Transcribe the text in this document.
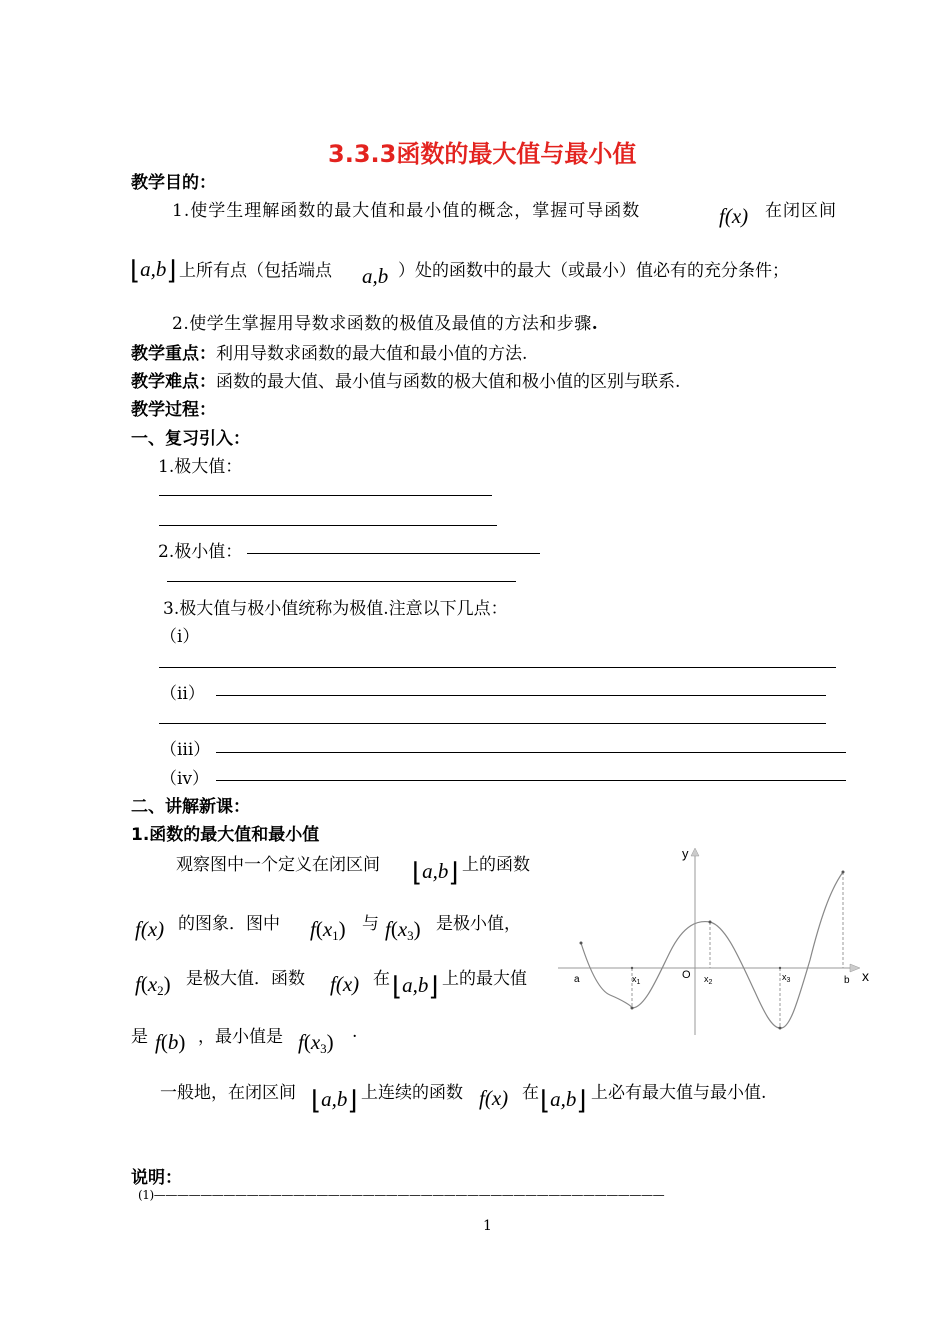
3.3.3函数的最大值与最小值
教学目的：
1.使学生理解函数的最大值和最小值的概念，掌握可导函数	f(x) 在闭区间
⌊a,b⌋ 上所有点（包括端点 a,b ）处的函数中的最大（或最小）值必有的充分条件；
2.使学生掌握用导数求函数的极值及最值的方法和步骤.
教学重点：利用导数求函数的最大值和最小值的方法.
教学难点：函数的最大值、最小值与函数的极大值和极小值的区别与联系.
教学过程：
一、复习引入：
1.极大值：
2.极小值：
3.极大值与极小值统称为极值.注意以下几点：
（ⅰ）
（ⅱ）
（ⅲ）
（ⅳ）
二、讲解新课：
1.函数的最大值和最小值
观察图中一个定义在闭区间 ⌊a,b⌋ 上的函数
f(x) 的图象．图中 $f(x_1)$ 与 $f(x_3)$ 是极小值，
$f(x_2)$ 是极大值．函数 f(x) 在 ⌊a,b⌋ 上的最大值
是 f(b) ，最小值是 $f(x_3)$ .
一般地，在闭区间 ⌊a,b⌋ 上连续的函数 f(x) 在 ⌊a,b⌋ 上必有最大值与最小值.
y
x
O
a	$x_1$	$x_2$
$x_3$	b
说明：
(1)————————————————————————————————————————————
1
